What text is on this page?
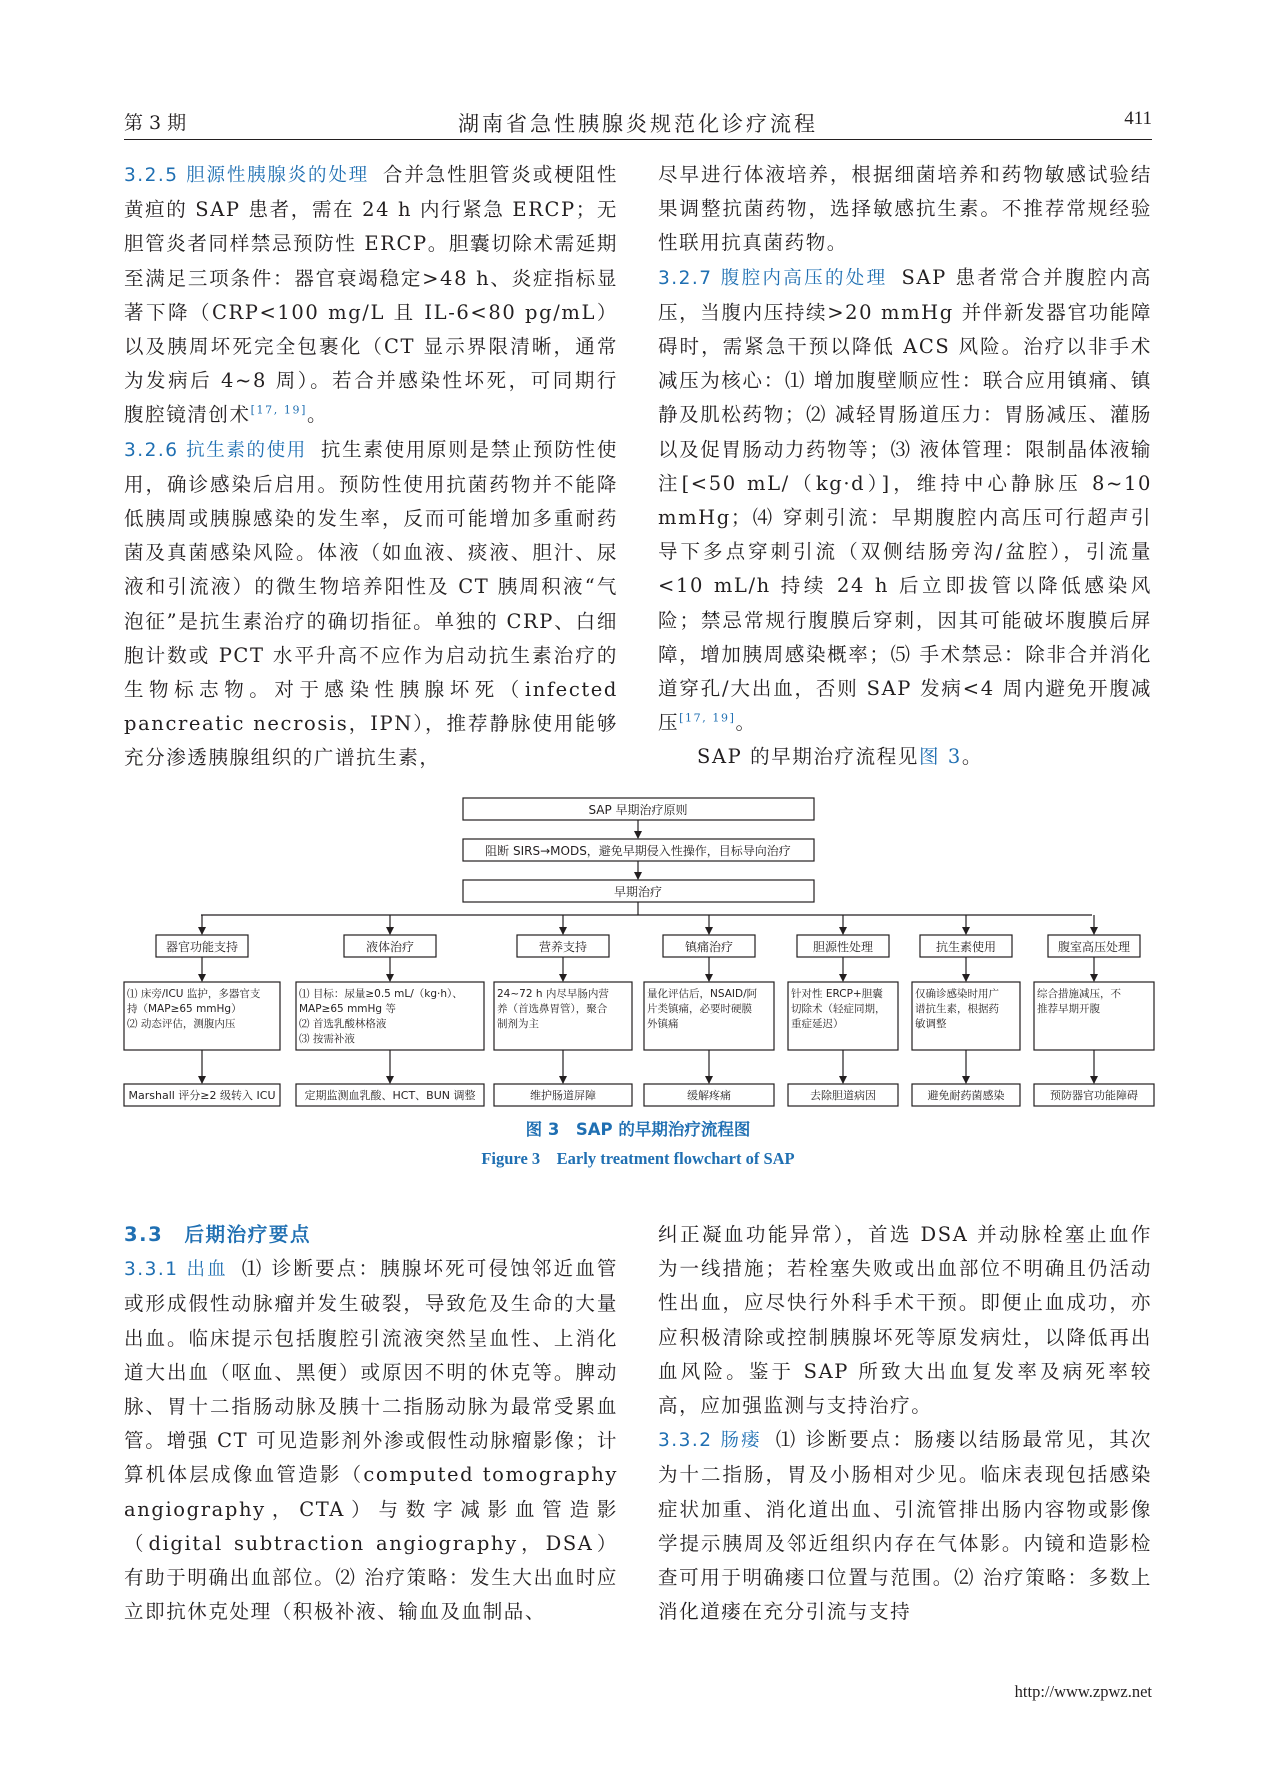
第 3 期	湖南省急性胰腺炎规范化诊疗流程	411

3.2.5 胆源性胰腺炎的处理 合并急性胆管炎或梗阻性黄疸的 SAP 患者，需在 24 h 内行紧急 ERCP；无胆管炎者同样禁忌预防性 ERCP。胆囊切除术需延期至满足三项条件：器官衰竭稳定>48 h、炎症指标显著下降（CRP<100 mg/L 且 IL-6<80 pg/mL）以及胰周坏死完全包裹化（CT 显示界限清晰，通常为发病后 4~8 周）。若合并感染性坏死，可同期行腹腔镜清创术[17, 19]。

3.2.6 抗生素的使用 抗生素使用原则是禁止预防性使用，确诊感染后启用。预防性使用抗菌药物并不能降低胰周或胰腺感染的发生率，反而可能增加多重耐药菌及真菌感染风险。体液（如血液、痰液、胆汁、尿液和引流液）的微生物培养阳性及 CT 胰周积液“气泡征”是抗生素治疗的确切指征。单独的 CRP、白细胞计数或 PCT 水平升高不应作为启动抗生素治疗的生物标志物。对于感染性胰腺坏死（infected pancreatic necrosis，IPN），推荐静脉使用能够充分渗透胰腺组织的广谱抗生素，

尽早进行体液培养，根据细菌培养和药物敏感试验结果调整抗菌药物，选择敏感抗生素。不推荐常规经验性联用抗真菌药物。

3.2.7 腹腔内高压的处理 SAP 患者常合并腹腔内高压，当腹内压持续>20 mmHg 并伴新发器官功能障碍时，需紧急干预以降低 ACS 风险。治疗以非手术减压为核心：⑴ 增加腹壁顺应性：联合应用镇痛、镇静及肌松药物；⑵ 减轻胃肠道压力：胃肠减压、灌肠以及促胃肠动力药物等；⑶ 液体管理：限制晶体液输注[<50 mL/（kg·d）]，维持中心静脉压 8~10 mmHg；⑷ 穿刺引流：早期腹腔内高压可行超声引导下多点穿刺引流（双侧结肠旁沟/盆腔），引流量<10 mL/h 持续 24 h 后立即拔管以降低感染风险；禁忌常规行腹膜后穿刺，因其可能破坏腹膜后屏障，增加胰周感染概率；⑸ 手术禁忌：除非合并消化道穿孔/大出血，否则 SAP 发病<4 周内避免开腹减压[17, 19]。

SAP 的早期治疗流程见图 3。

SAP 早期治疗原则
阻断 SIRS→MODS，避免早期侵入性操作，目标导向治疗
早期治疗
器官功能支持
⑴ 床旁/ICU 监护，多器官支
持（MAP≥65 mmHg）
⑵ 动态评估，测腹内压
Marshall 评分≥2 级转入 ICU
液体治疗
⑴ 目标：尿量≥0.5 mL/（kg·h）、
MAP≥65 mmHg 等
⑵ 首选乳酸林格液
⑶ 按需补液
定期监测血乳酸、HCT、BUN 调整
营养支持
24~72 h 内尽早肠内营
养（首选鼻胃管），聚合
制剂为主
维护肠道屏障
镇痛治疗
量化评估后，NSAID/阿
片类镇痛，必要时硬膜
外镇痛
缓解疼痛
胆源性处理
针对性 ERCP+胆囊
切除术（轻症同期，
重症延迟）
去除胆道病因
抗生素使用
仅确诊感染时用广
谱抗生素，根据药
敏调整
避免耐药菌感染
腹室高压处理
综合措施减压，不
推荐早期开腹
预防器官功能障碍
图 3　SAP 的早期治疗流程图
Figure 3　Early treatment flowchart of SAP
3.3　后期治疗要点

3.3.1 出血 ⑴ 诊断要点：胰腺坏死可侵蚀邻近血管或形成假性动脉瘤并发生破裂，导致危及生命的大量出血。临床提示包括腹腔引流液突然呈血性、上消化道大出血（呕血、黑便）或原因不明的休克等。脾动脉、胃十二指肠动脉及胰十二指肠动脉为最常受累血管。增强 CT 可见造影剂外渗或假性动脉瘤影像；计算机体层成像血管造影（computed tomography angiography，CTA）与数字减影血管造影（digital subtraction angiography，DSA）有助于明确出血部位。⑵ 治疗策略：发生大出血时应立即抗休克处理（积极补液、输血及血制品、

纠正凝血功能异常），首选 DSA 并动脉栓塞止血作为一线措施；若栓塞失败或出血部位不明确且仍活动性出血，应尽快行外科手术干预。即便止血成功，亦应积极清除或控制胰腺坏死等原发病灶，以降低再出血风险。鉴于 SAP 所致大出血复发率及病死率较高，应加强监测与支持治疗。

3.3.2 肠瘘 ⑴ 诊断要点：肠瘘以结肠最常见，其次为十二指肠，胃及小肠相对少见。临床表现包括感染症状加重、消化道出血、引流管排出肠内容物或影像学提示胰周及邻近组织内存在气体影。内镜和造影检查可用于明确瘘口位置与范围。⑵ 治疗策略：多数上消化道瘘在充分引流与支持

http://www.zpwz.net
